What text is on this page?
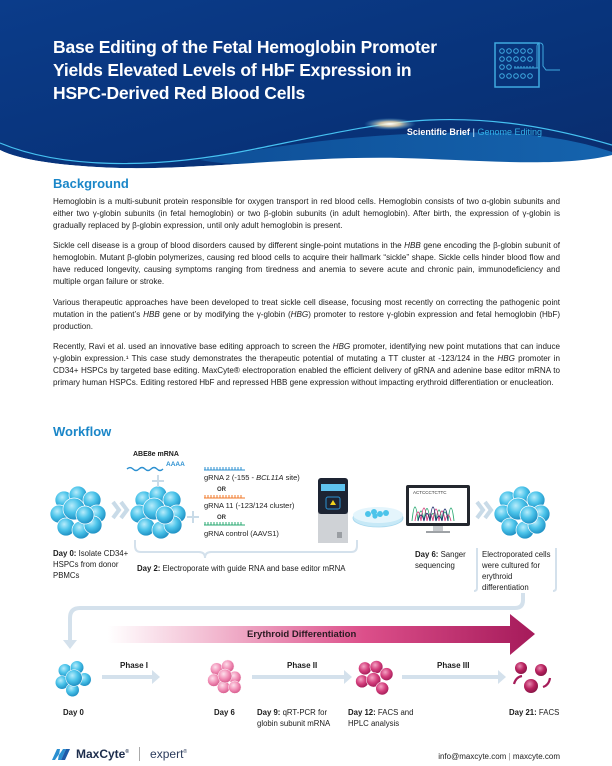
Base Editing of the Fetal Hemoglobin Promoter
Yields Elevated Levels of HbF Expression in
HSPC-Derived Red Blood Cells
Scientific Brief | Genome Editing
Background

Hemoglobin is a multi-subunit protein responsible for oxygen transport in red blood cells. Hemoglobin consists of two α-globin subunits and either two γ-globin subunits (in fetal hemoglobin) or two β-globin subunits (in adult hemoglobin). After birth, the expression of γ-globin is gradually replaced by β-globin expression, until only adult hemoglobin is present.

Sickle cell disease is a group of blood disorders caused by different single-point mutations in the HBB gene encoding the β-globin subunit of hemoglobin. Mutant β-globin polymerizes, causing red blood cells to acquire their hallmark “sickle” shape. Sickle cells hinder blood flow and have reduced longevity, causing symptoms ranging from tiredness and anemia to severe acute and chronic pain, immunodeficiency and multiple organ failure or stroke.

Various therapeutic approaches have been developed to treat sickle cell disease, focusing most recently on correcting the pathogenic point mutation in the patient’s HBB gene or by modifying the γ-globin (HBG) promoter to restore γ-globin expression and fetal hemoglobin (HbF) production.

Recently, Ravi et al. used an innovative base editing approach to screen the HBG promoter, identifying new point mutations that can induce γ-globin expression.¹ This case study demonstrates the therapeutic potential of mutating a TT cluster at -123/124 in the HBG promoter in CD34+ HSPCs by targeted base editing. MaxCyte® electroporation enabled the efficient delivery of gRNA and adenine base editor mRNA to primary human HSPCs. Editing restored HbF and repressed HBB gene expression without impacting erythroid differentiation or enucleation.

Workflow
ACTCCCTCTTC
ABE8e mRNA
AAAA
gRNA 2 (-155 - BCL11A site)
OR
gRNA 11 (-123/124 cluster)
OR
gRNA control (AAVS1)
Day 0: Isolate CD34+ HSPCs from donor PBMCs
Day 2: Electroporate with guide RNA and base editor mRNA
Day 6: Sanger sequencing
Electroporated cells were cultured for erythroid differentiation
Erythroid Differentiation
Phase I	Phase II	Phase III
Day 0	Day 6	Day 9: qRT-PCR for globin subunit mRNA
Day 12: FACS and HPLC analysis
Day 21: FACS
MaxCyte® expert®	info@maxcyte.com | maxcyte.com
